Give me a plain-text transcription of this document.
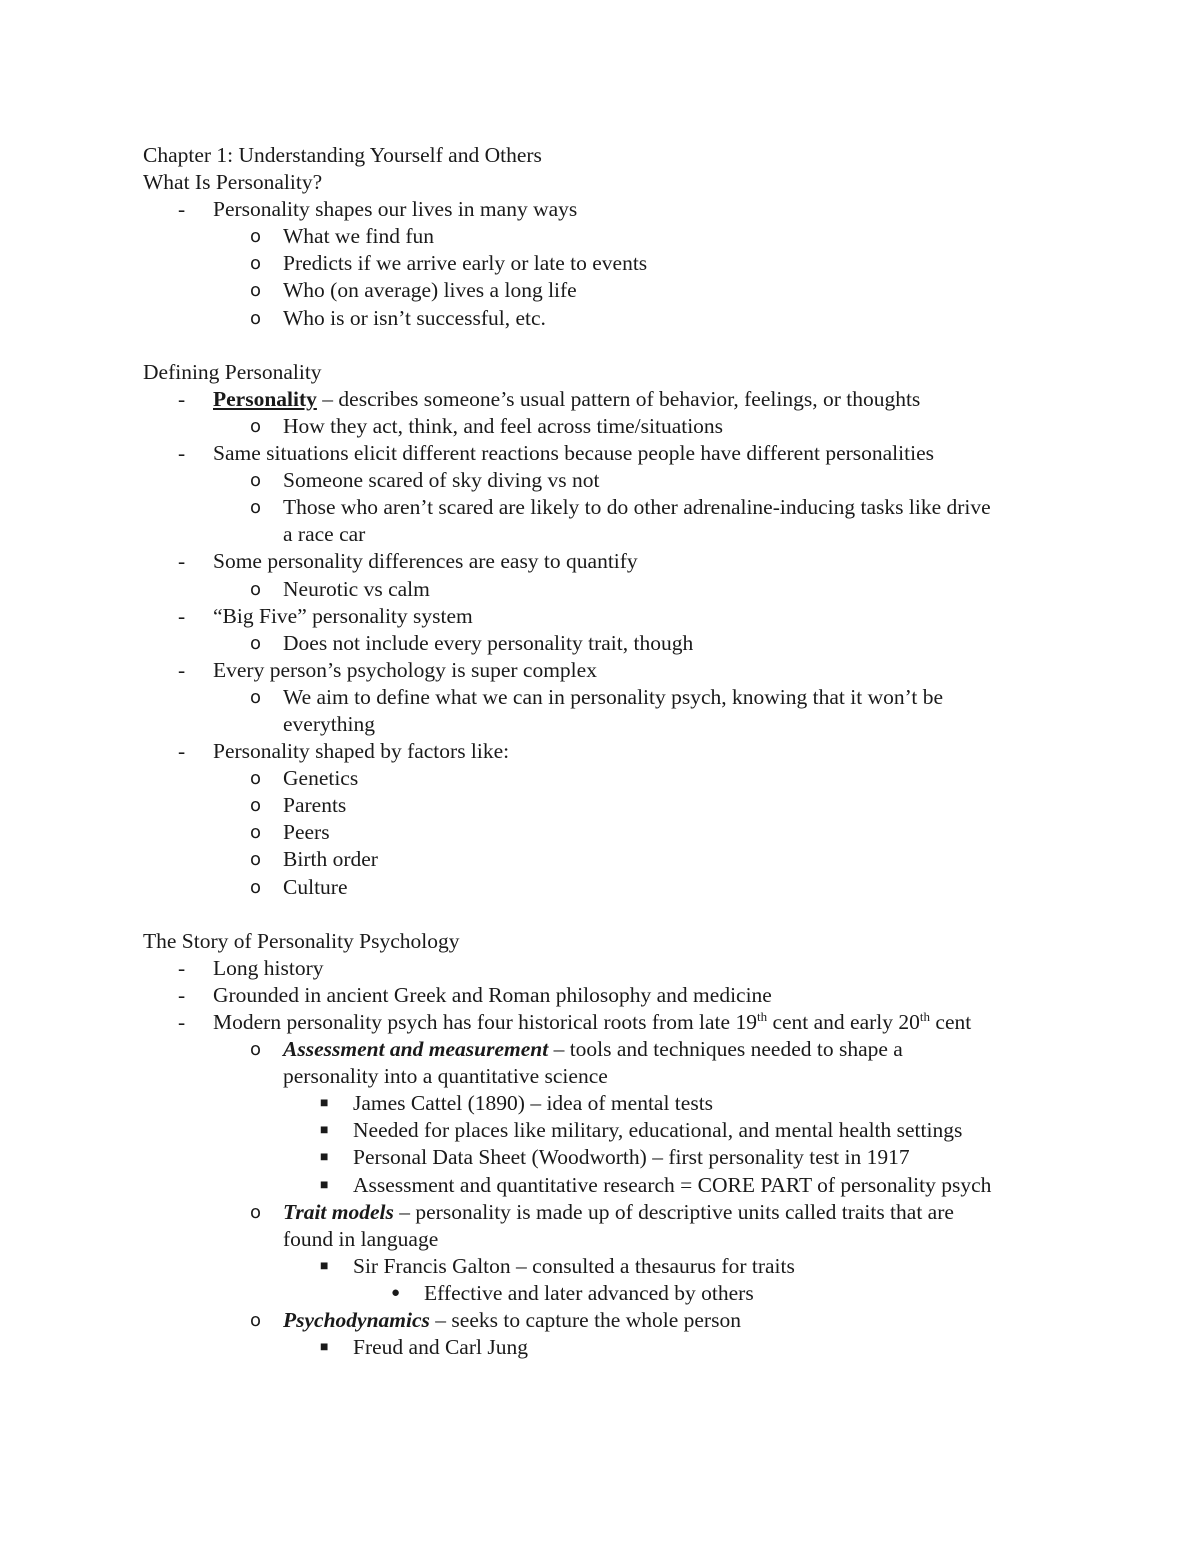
Chapter 1: Understanding Yourself and Others
What Is Personality?
- Personality shapes our lives in many ways
o What we find fun
o Predicts if we arrive early or late to events
o Who (on average) lives a long life
o Who is or isn’t successful, etc.
Defining Personality
- Personality – describes someone’s usual pattern of behavior, feelings, or thoughts
o How they act, think, and feel across time/situations
- Same situations elicit different reactions because people have different personalities
o Someone scared of sky diving vs not
o Those who aren’t scared are likely to do other adrenaline-inducing tasks like drive
a race car
- Some personality differences are easy to quantify
o Neurotic vs calm
- “Big Five” personality system
o Does not include every personality trait, though
- Every person’s psychology is super complex
o We aim to define what we can in personality psych, knowing that it won’t be
everything
- Personality shaped by factors like:
o Genetics
o Parents
o Peers
o Birth order
o Culture
The Story of Personality Psychology
- Long history
- Grounded in ancient Greek and Roman philosophy and medicine
- Modern personality psych has four historical roots from late 19th cent and early 20th cent
o Assessment and measurement – tools and techniques needed to shape a
personality into a quantitative science
■ James Cattel (1890) – idea of mental tests
■ Needed for places like military, educational, and mental health settings
■ Personal Data Sheet (Woodworth) – first personality test in 1917
■ Assessment and quantitative research = CORE PART of personality psych
o Trait models – personality is made up of descriptive units called traits that are
found in language
■ Sir Francis Galton – consulted a thesaurus for traits
● Effective and later advanced by others
o Psychodynamics – seeks to capture the whole person
■ Freud and Carl Jung
